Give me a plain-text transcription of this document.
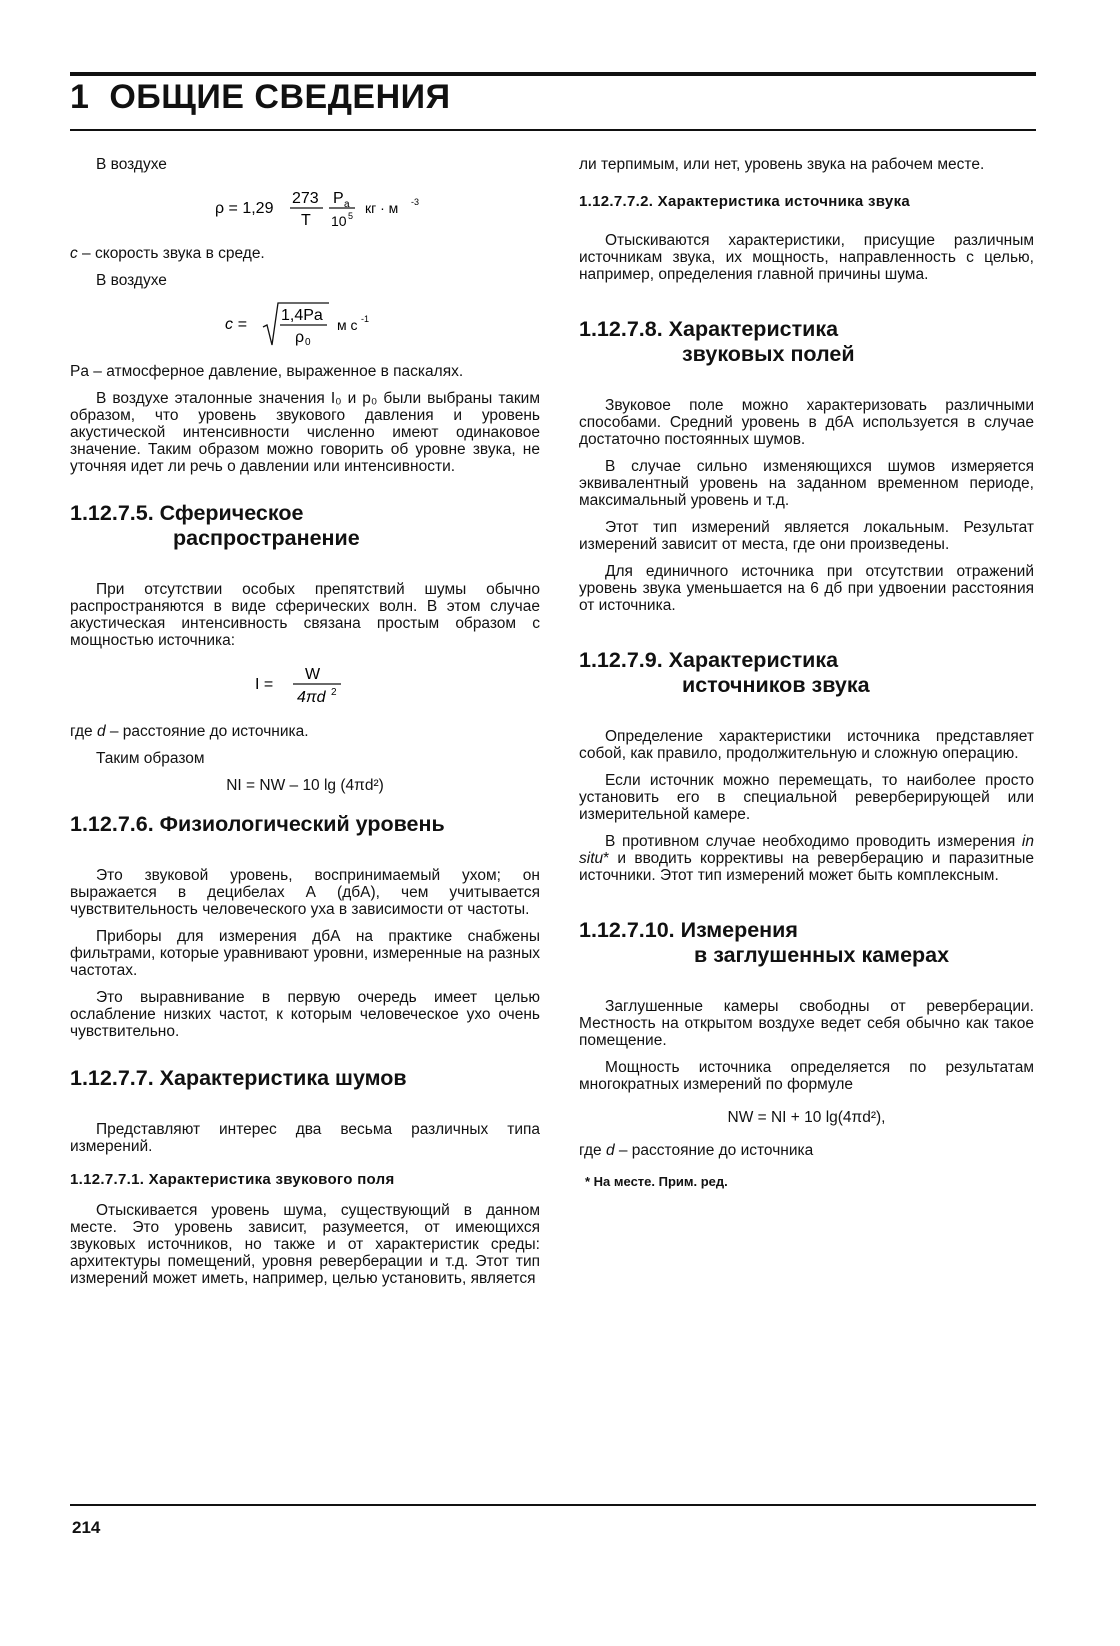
1 ОБЩИЕ СВЕДЕНИЯ

В воздухе

ρ = 1,29
273
T
P a
10 5 кг · м -3

c – скорость звука в среде.

В воздухе

c =
1,4Pa
ρ 0
м с -1

Pa – атмосферное давление, выраженное в паскалях.

В воздухе эталонные значения I₀ и p₀ были выбраны таким образом, что уровень звукового давления и уровень акустической интенсивности численно имеют одинаковое значение. Таким образом можно говорить об уровне звука, не уточняя идет ли речь о давлении или интенсивности.

1.12.7.5. Сферическое
распространение

При отсутствии особых препятствий шумы обычно распространяются в виде сферических волн. В этом случае акустическая интенсивность связана простым образом с мощностью источника:

I =
W
4πd 2

где d – расстояние до источника.

Таким образом

NI = NW – 10 lg (4πd²)
1.12.7.6. Физиологический уровень

Это звуковой уровень, воспринимаемый ухом; он выражается в децибелах А (дбА), чем учитывается чувствительность человеческого уха в зависимости от частоты.

Приборы для измерения дбА на практике снабжены фильтрами, которые уравнивают уровни, измеренные на разных частотах.

Это выравнивание в первую очередь имеет целью ослабление низких частот, к которым человеческое ухо очень чувствительно.

1.12.7.7. Характеристика шумов

Представляют интерес два весьма различных типа измерений.

1.12.7.7.1. Характеристика звукового поля

Отыскивается уровень шума, существующий в данном месте. Это уровень зависит, разумеется, от имеющихся звуковых источников, но также и от характеристик среды: архитектуры помещений, уровня реверберации и т.д. Этот тип измерений может иметь, например, целью установить, является

ли терпимым, или нет, уровень звука на рабочем месте.

1.12.7.7.2. Характеристика источника звука

Отыскиваются характеристики, присущие различным источникам звука, их мощность, направленность с целью, например, определения главной причины шума.

1.12.7.8. Характеристика
звуковых полей

Звуковое поле можно характеризовать различными способами. Средний уровень в дбА используется в случае достаточно постоянных шумов.

В случае сильно изменяющихся шумов измеряется эквивалентный уровень на заданном временном периоде, максимальный уровень и т.д.

Этот тип измерений является локальным. Результат измерений зависит от места, где они произведены.

Для единичного источника при отсутствии отражений уровень звука уменьшается на 6 дб при удвоении расстояния от источника.

1.12.7.9. Характеристика
источников звука

Определение характеристики источника представляет собой, как правило, продолжительную и сложную операцию.

Если источник можно перемещать, то наиболее просто установить его в специальной реверберирующей или измерительной камере.

В противном случае необходимо проводить измерения in situ* и вводить коррективы на реверберацию и паразитные источники. Этот тип измерений может быть комплексным.

1.12.7.10. Измерения
в заглушенных камерах

Заглушенные камеры свободны от реверберации. Местность на открытом воздухе ведет себя обычно как такое помещение.

Мощность источника определяется по результатам многократных измерений по формуле

NW = NI + 10 lg(4πd²),

где d – расстояние до источника

* На месте. Прим. ред.
214
